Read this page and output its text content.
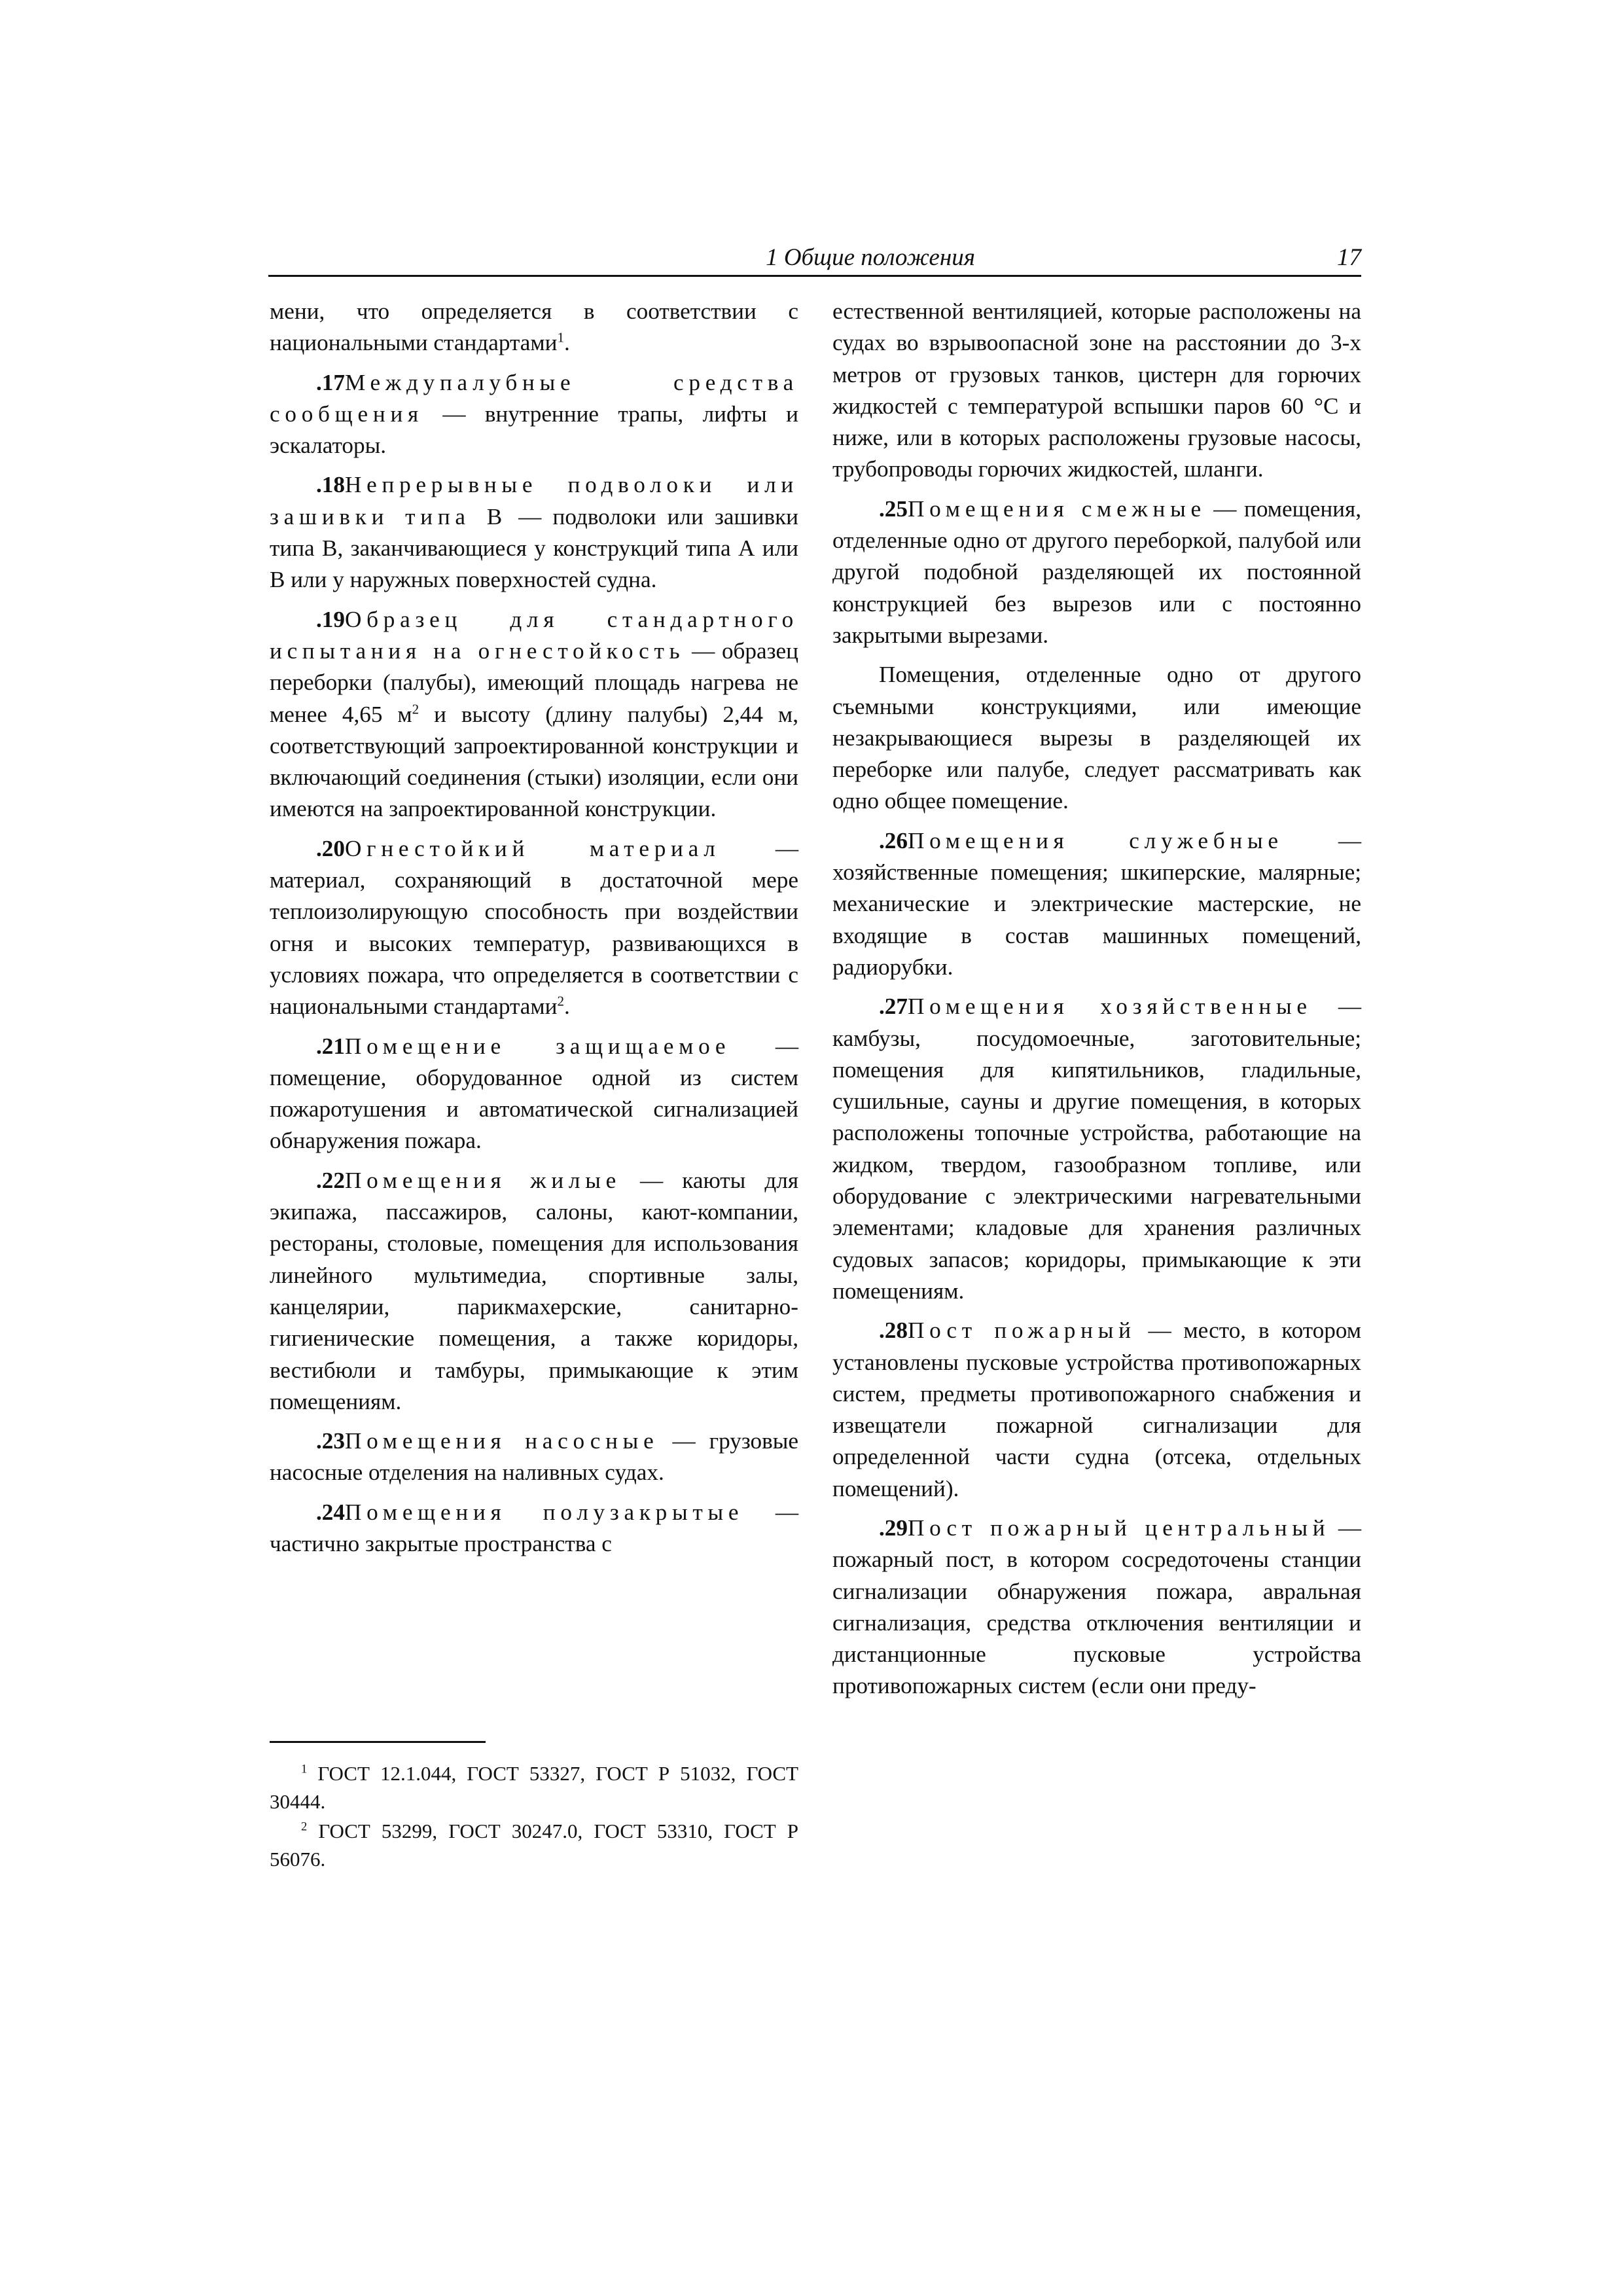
1 Общие положения	17

мени, что определяется в соответствии с национальными стандартами$^1$.

.17Междупалубные средства сообщения — внутренние трапы, лифты и эскалаторы.

.18Непрерывные подволоки или зашивки типа В — подволоки или зашивки типа В, заканчивающиеся у конструкций типа А или В или у наружных поверхностей судна.

.19Образец для стандартного испытания на огнестойкость — образец переборки (палубы), имеющий площадь нагрева не менее 4,65 $м^2$ и высоту (длину палубы) 2,44 м, соответствующий запроектированной конструкции и включающий соединения (стыки) изоляции, если они имеются на запроектированной конструкции.

.20Огнестойкий материал — материал, сохраняющий в достаточной мере теплоизолирующую способность при воздействии огня и высоких температур, развивающихся в условиях пожара, что определяется в соответствии с национальными стандартами$^2$.

.21Помещение защищаемое — помещение, оборудованное одной из систем пожаротушения и автоматической сигнализацией обнаружения пожара.

.22Помещения жилые — каюты для экипажа, пассажиров, салоны, кают-компании, рестораны, столовые, помещения для использования линейного мультимедиа, спортивные залы, канцелярии, парикмахерские, санитарно-гигиенические помещения, а также коридоры, вестибюли и тамбуры, примыкающие к этим помещениям.

.23Помещения насосные — грузовые насосные отделения на наливных судах.

.24Помещения полузакрытые — частично закрытые пространства с

естественной вентиляцией, которые расположены на судах во взрывоопасной зоне на расстоянии до 3-х метров от грузовых танков, цистерн для горючих жидкостей с температурой вспышки паров 60 °С и ниже, или в которых расположены грузовые насосы, трубопроводы горючих жидкостей, шланги.

.25Помещения смежные — помещения, отделенные одно от другого переборкой, палубой или другой подобной разделяющей их постоянной конструкцией без вырезов или с постоянно закрытыми вырезами.

Помещения, отделенные одно от другого съемными конструкциями, или имеющие незакрывающиеся вырезы в разделяющей их переборке или палубе, следует рассматривать как одно общее помещение.

.26Помещения служебные — хозяйственные помещения; шкиперские, малярные; механические и электрические мастерские, не входящие в состав машинных помещений, радиорубки.

.27Помещения хозяйственные — камбузы, посудомоечные, заготовительные; помещения для кипятильников, гладильные, сушильные, сауны и другие помещения, в которых расположены топочные устройства, работающие на жидком, твердом, газообразном топливе, или оборудование с электрическими нагревательными элементами; кладовые для хранения различных судовых запасов; коридоры, примыкающие к эти помещениям.

.28Пост пожарный — место, в котором установлены пусковые устройства противопожарных систем, предметы противопожарного снабжения и извещатели пожарной сигнализации для определенной части судна (отсека, отдельных помещений).

.29Пост пожарный центральный — пожарный пост, в котором сосредоточены станции сигнализации обнаружения пожара, авральная сигнализация, средства отключения вентиляции и дистанционные пусковые устройства противопожарных систем (если они преду-

$^1$ ГОСТ 12.1.044, ГОСТ 53327, ГОСТ Р 51032, ГОСТ 30444.

$^2$ ГОСТ 53299, ГОСТ 30247.0, ГОСТ 53310, ГОСТ Р 56076.
